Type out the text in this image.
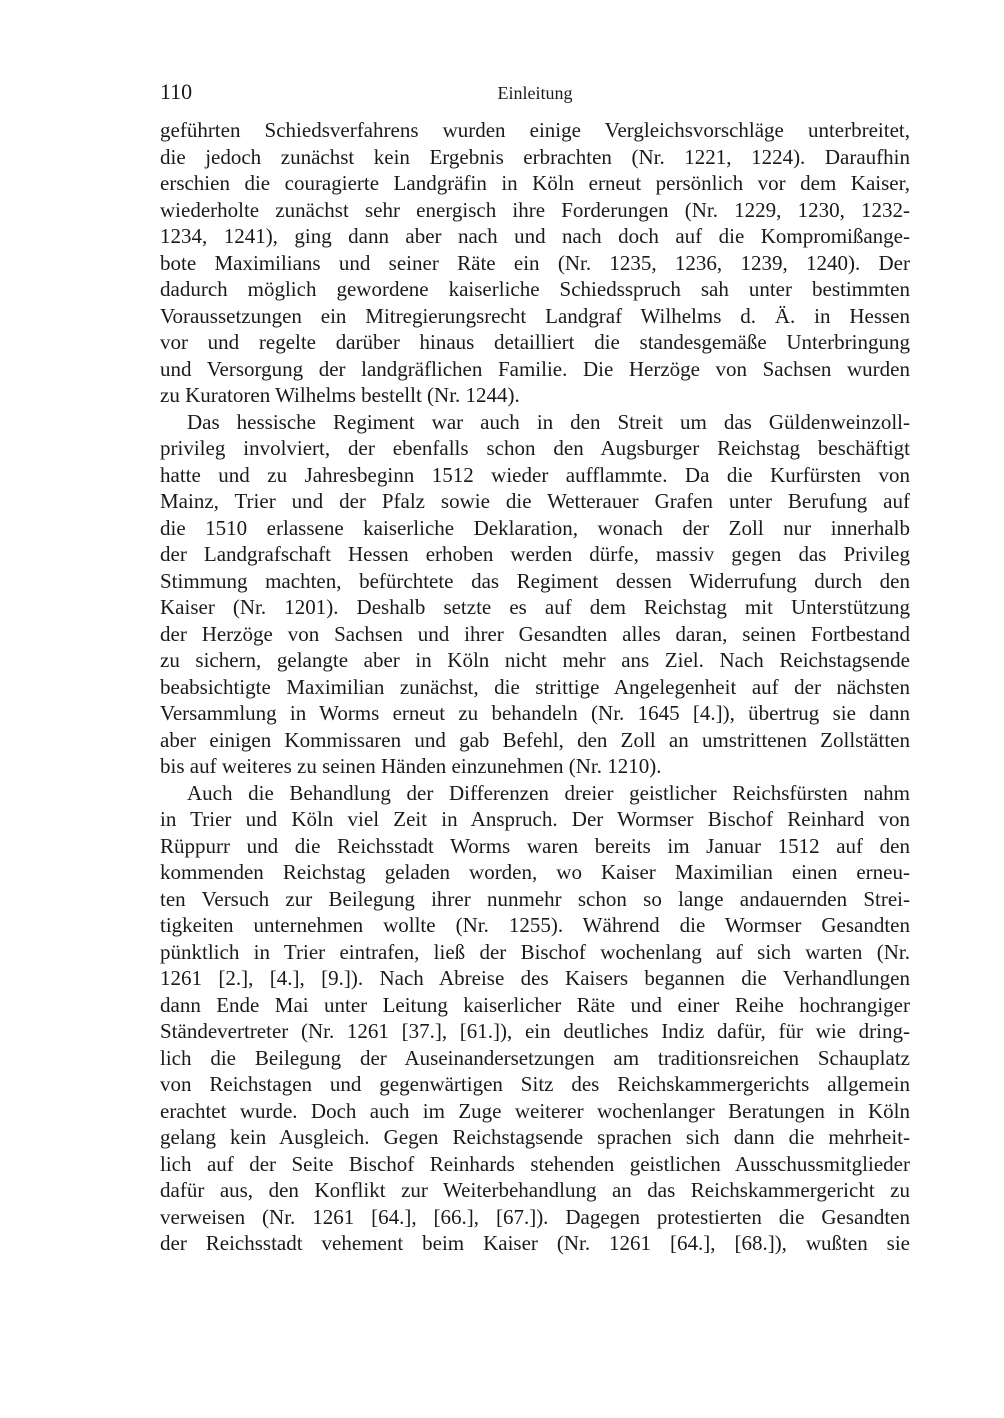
110	Einleitung
geführten Schiedsverfahrens wurden einige Vergleichsvorschläge unterbreitet,
die jedoch zunächst kein Ergebnis erbrachten (Nr. 1221, 1224). Daraufhin
erschien die couragierte Landgräfin in Köln erneut persönlich vor dem Kaiser,
wiederholte zunächst sehr energisch ihre Forderungen (Nr. 1229, 1230, 1232-
1234, 1241), ging dann aber nach und nach doch auf die Kompromißange-
bote Maximilians und seiner Räte ein (Nr. 1235, 1236, 1239, 1240). Der
dadurch möglich gewordene kaiserliche Schiedsspruch sah unter bestimmten
Voraussetzungen ein Mitregierungsrecht Landgraf Wilhelms d. Ä. in Hessen
vor und regelte darüber hinaus detailliert die standesgemäße Unterbringung
und Versorgung der landgräflichen Familie. Die Herzöge von Sachsen wurden
zu Kuratoren Wilhelms bestellt (Nr. 1244).
Das hessische Regiment war auch in den Streit um das Güldenweinzoll-
privileg involviert, der ebenfalls schon den Augsburger Reichstag beschäftigt
hatte und zu Jahresbeginn 1512 wieder aufflammte. Da die Kurfürsten von
Mainz, Trier und der Pfalz sowie die Wetterauer Grafen unter Berufung auf
die 1510 erlassene kaiserliche Deklaration, wonach der Zoll nur innerhalb
der Landgrafschaft Hessen erhoben werden dürfe, massiv gegen das Privileg
Stimmung machten, befürchtete das Regiment dessen Widerrufung durch den
Kaiser (Nr. 1201). Deshalb setzte es auf dem Reichstag mit Unterstützung
der Herzöge von Sachsen und ihrer Gesandten alles daran, seinen Fortbestand
zu sichern, gelangte aber in Köln nicht mehr ans Ziel. Nach Reichstagsende
beabsichtigte Maximilian zunächst, die strittige Angelegenheit auf der nächsten
Versammlung in Worms erneut zu behandeln (Nr. 1645 [4.]), übertrug sie dann
aber einigen Kommissaren und gab Befehl, den Zoll an umstrittenen Zollstätten
bis auf weiteres zu seinen Händen einzunehmen (Nr. 1210).
Auch die Behandlung der Differenzen dreier geistlicher Reichsfürsten nahm
in Trier und Köln viel Zeit in Anspruch. Der Wormser Bischof Reinhard von
Rüppurr und die Reichsstadt Worms waren bereits im Januar 1512 auf den
kommenden Reichstag geladen worden, wo Kaiser Maximilian einen erneu-
ten Versuch zur Beilegung ihrer nunmehr schon so lange andauernden Strei-
tigkeiten unternehmen wollte (Nr. 1255). Während die Wormser Gesandten
pünktlich in Trier eintrafen, ließ der Bischof wochenlang auf sich warten (Nr.
1261 [2.], [4.], [9.]). Nach Abreise des Kaisers begannen die Verhandlungen
dann Ende Mai unter Leitung kaiserlicher Räte und einer Reihe hochrangiger
Ständevertreter (Nr. 1261 [37.], [61.]), ein deutliches Indiz dafür, für wie dring-
lich die Beilegung der Auseinandersetzungen am traditionsreichen Schauplatz
von Reichstagen und gegenwärtigen Sitz des Reichskammergerichts allgemein
erachtet wurde. Doch auch im Zuge weiterer wochenlanger Beratungen in Köln
gelang kein Ausgleich. Gegen Reichstagsende sprachen sich dann die mehrheit-
lich auf der Seite Bischof Reinhards stehenden geistlichen Ausschussmitglieder
dafür aus, den Konflikt zur Weiterbehandlung an das Reichskammergericht zu
verweisen (Nr. 1261 [64.], [66.], [67.]). Dagegen protestierten die Gesandten
der Reichsstadt vehement beim Kaiser (Nr. 1261 [64.], [68.]), wußten sie
